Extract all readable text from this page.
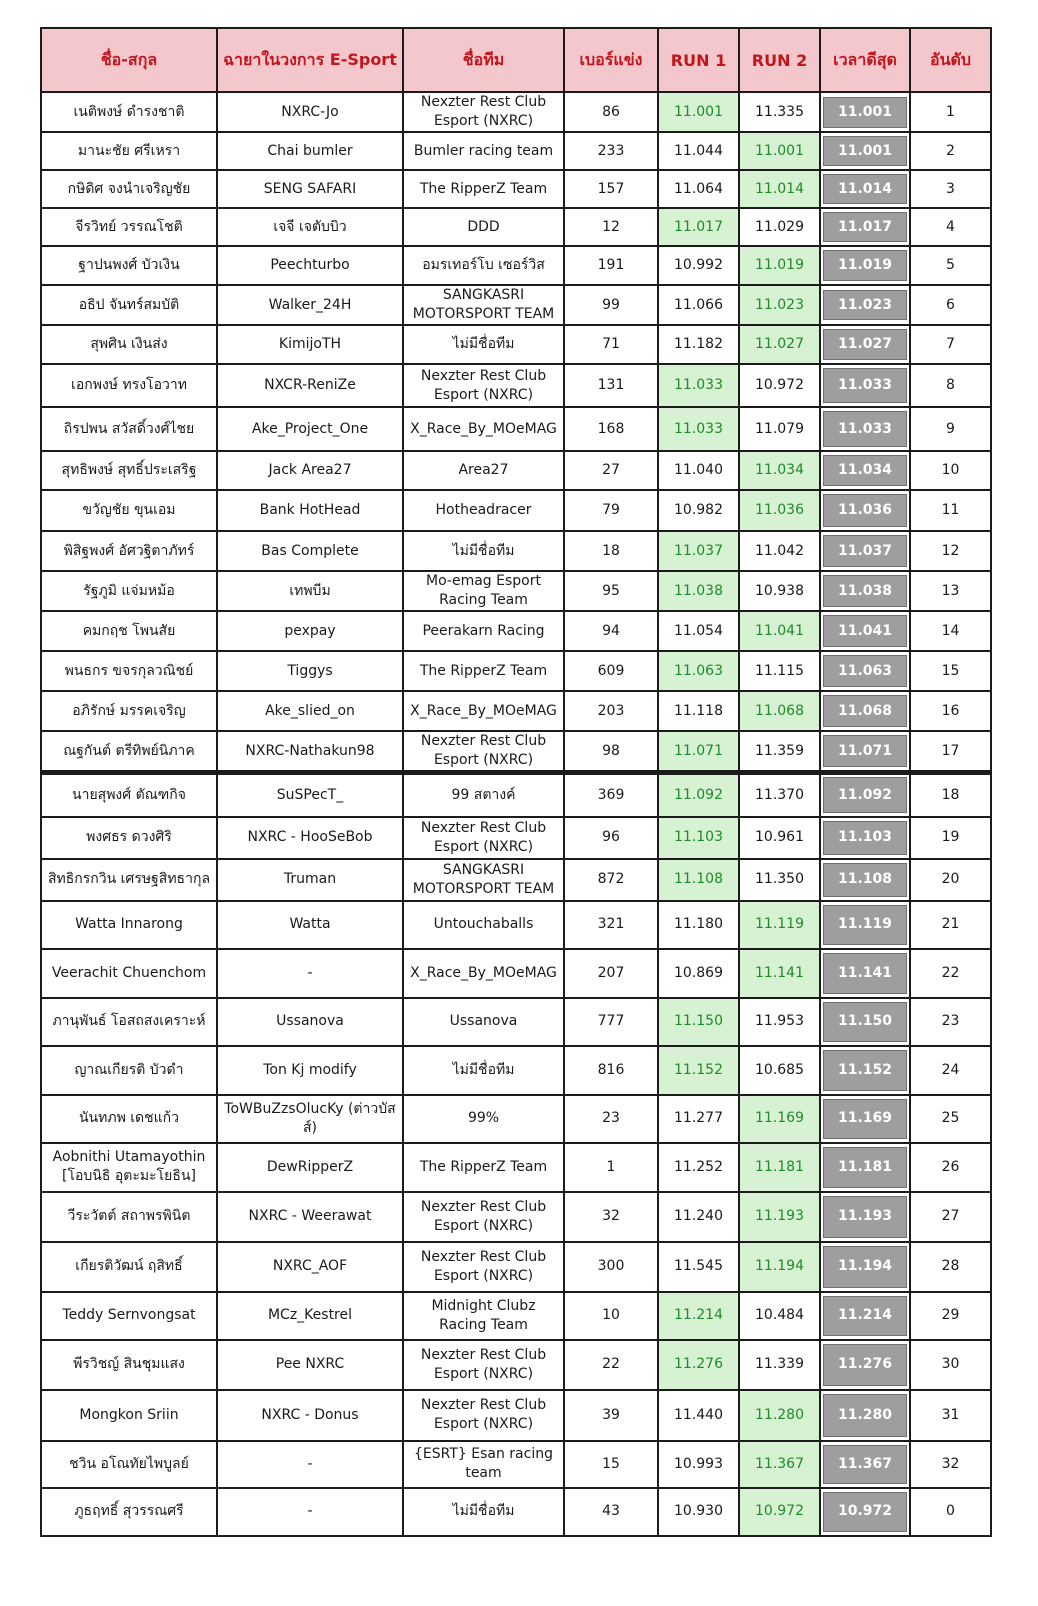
ชื่อ-สกุล	ฉายาในวงการ E-Sport	ชื่อทีม	เบอร์แข่ง	RUN 1	RUN 2	เวลาดีสุด	อันดับ
เนติพงษ์ ดำรงชาติ	NXRC-Jo	Nexzter Rest Club Esport (NXRC)	86	11.001	11.335	11.001	1
มานะชัย ศรีเหรา	Chai bumler	Bumler racing team	233	11.044	11.001	11.001	2
กษิดิศ จงนำเจริญชัย	SENG SAFARI	The RipperZ Team	157	11.064	11.014	11.014	3
จีรวิทย์ วรรณโชติ	เจจี เจตับบิว	DDD	12	11.017	11.029	11.017	4
ฐาปนพงศ์ บัวเงิน	Peechturbo	อมรเทอร์โบ เซอร์วิส	191	10.992	11.019	11.019	5
อธิป จันทร์สมบัติ	Walker_24H	SANGKASRI MOTORSPORT TEAM	99	11.066	11.023	11.023	6
สุพศิน เงินส่ง	KimijoTH	ไม่มีชื่อทีม	71	11.182	11.027	11.027	7
เอกพงษ์ ทรงโอวาท	NXCR-ReniZe	Nexzter Rest Club Esport (NXRC)	131	11.033	10.972	11.033	8
ถิรปพน สวัสดิ์วงศ์ไชย	Ake_Project_One	X_Race_By_MOeMAG	168	11.033	11.079	11.033	9
สุทธิพงษ์ สุทธิ์ประเสริฐ	Jack Area27	Area27	27	11.040	11.034	11.034	10
ขวัญชัย ขุนเอม	Bank HotHead	Hotheadracer	79	10.982	11.036	11.036	11
พิสิฐพงศ์ อัศวฐิตาภัทร์	Bas Complete	ไม่มีชื่อทีม	18	11.037	11.042	11.037	12
รัฐภูมิ แจ่มหม้อ	เทพบีม	Mo-emag Esport Racing Team	95	11.038	10.938	11.038	13
คมกฤช โพนสัย	pexpay	Peerakarn Racing	94	11.054	11.041	11.041	14
พนธกร ขจรกุลวณิชย์	Tiggys	The RipperZ Team	609	11.063	11.115	11.063	15
อภิรักษ์ มรรคเจริญ	Ake_slied_on	X_Race_By_MOeMAG	203	11.118	11.068	11.068	16
ณฐกันต์ ตรีทิพย์นิภาค	NXRC-Nathakun98	Nexzter Rest Club Esport (NXRC)	98	11.071	11.359	11.071	17
นายสุพงศ์ ตัณฑกิจ	SuSPecT_	99 สตางค์	369	11.092	11.370	11.092	18
พงศธร ดวงศิริ	NXRC - HooSeBob	Nexzter Rest Club Esport (NXRC)	96	11.103	10.961	11.103	19
สิทธิกรกวิน เศรษฐสิทธากุล	Truman	SANGKASRI MOTORSPORT TEAM	872	11.108	11.350	11.108	20
Watta Innarong	Watta	Untouchaballs	321	11.180	11.119	11.119	21
Veerachit Chuenchom	-	X_Race_By_MOeMAG	207	10.869	11.141	11.141	22
ภานุพันธ์ โอสถสงเคราะห์	Ussanova	Ussanova	777	11.150	11.953	11.150	23
ญาณเกียรติ บัวดำ	Ton Kj modify	ไม่มีชื่อทีม	816	11.152	10.685	11.152	24
นันทภพ เดชแก้ว	ToWBuZzsOlucKy (ต่าวบัสส์)	99%	23	11.277	11.169	11.169	25
Aobnithi Utamayothin [โอบนิธิ อุตะมะโยธิน]	DewRipperZ	The RipperZ Team	1	11.252	11.181	11.181	26
วีระวัตต์ สถาพรพินิต	NXRC - Weerawat	Nexzter Rest Club Esport (NXRC)	32	11.240	11.193	11.193	27
เกียรติวัฒน์ ฤสิทธิ์	NXRC_AOF	Nexzter Rest Club Esport (NXRC)	300	11.545	11.194	11.194	28
Teddy Sernvongsat	MCz_Kestrel	Midnight Clubz Racing Team	10	11.214	10.484	11.214	29
พีรวิชญ์ สินชุมแสง	Pee NXRC	Nexzter Rest Club Esport (NXRC)	22	11.276	11.339	11.276	30
Mongkon Sriin	NXRC - Donus	Nexzter Rest Club Esport (NXRC)	39	11.440	11.280	11.280	31
ชวิน อโณทัยไพบูลย์	-	{ESRT} Esan racing team	15	10.993	11.367	11.367	32
ภูธฤทธิ์ สุวรรณศรี	-	ไม่มีชื่อทีม	43	10.930	10.972	10.972	0
